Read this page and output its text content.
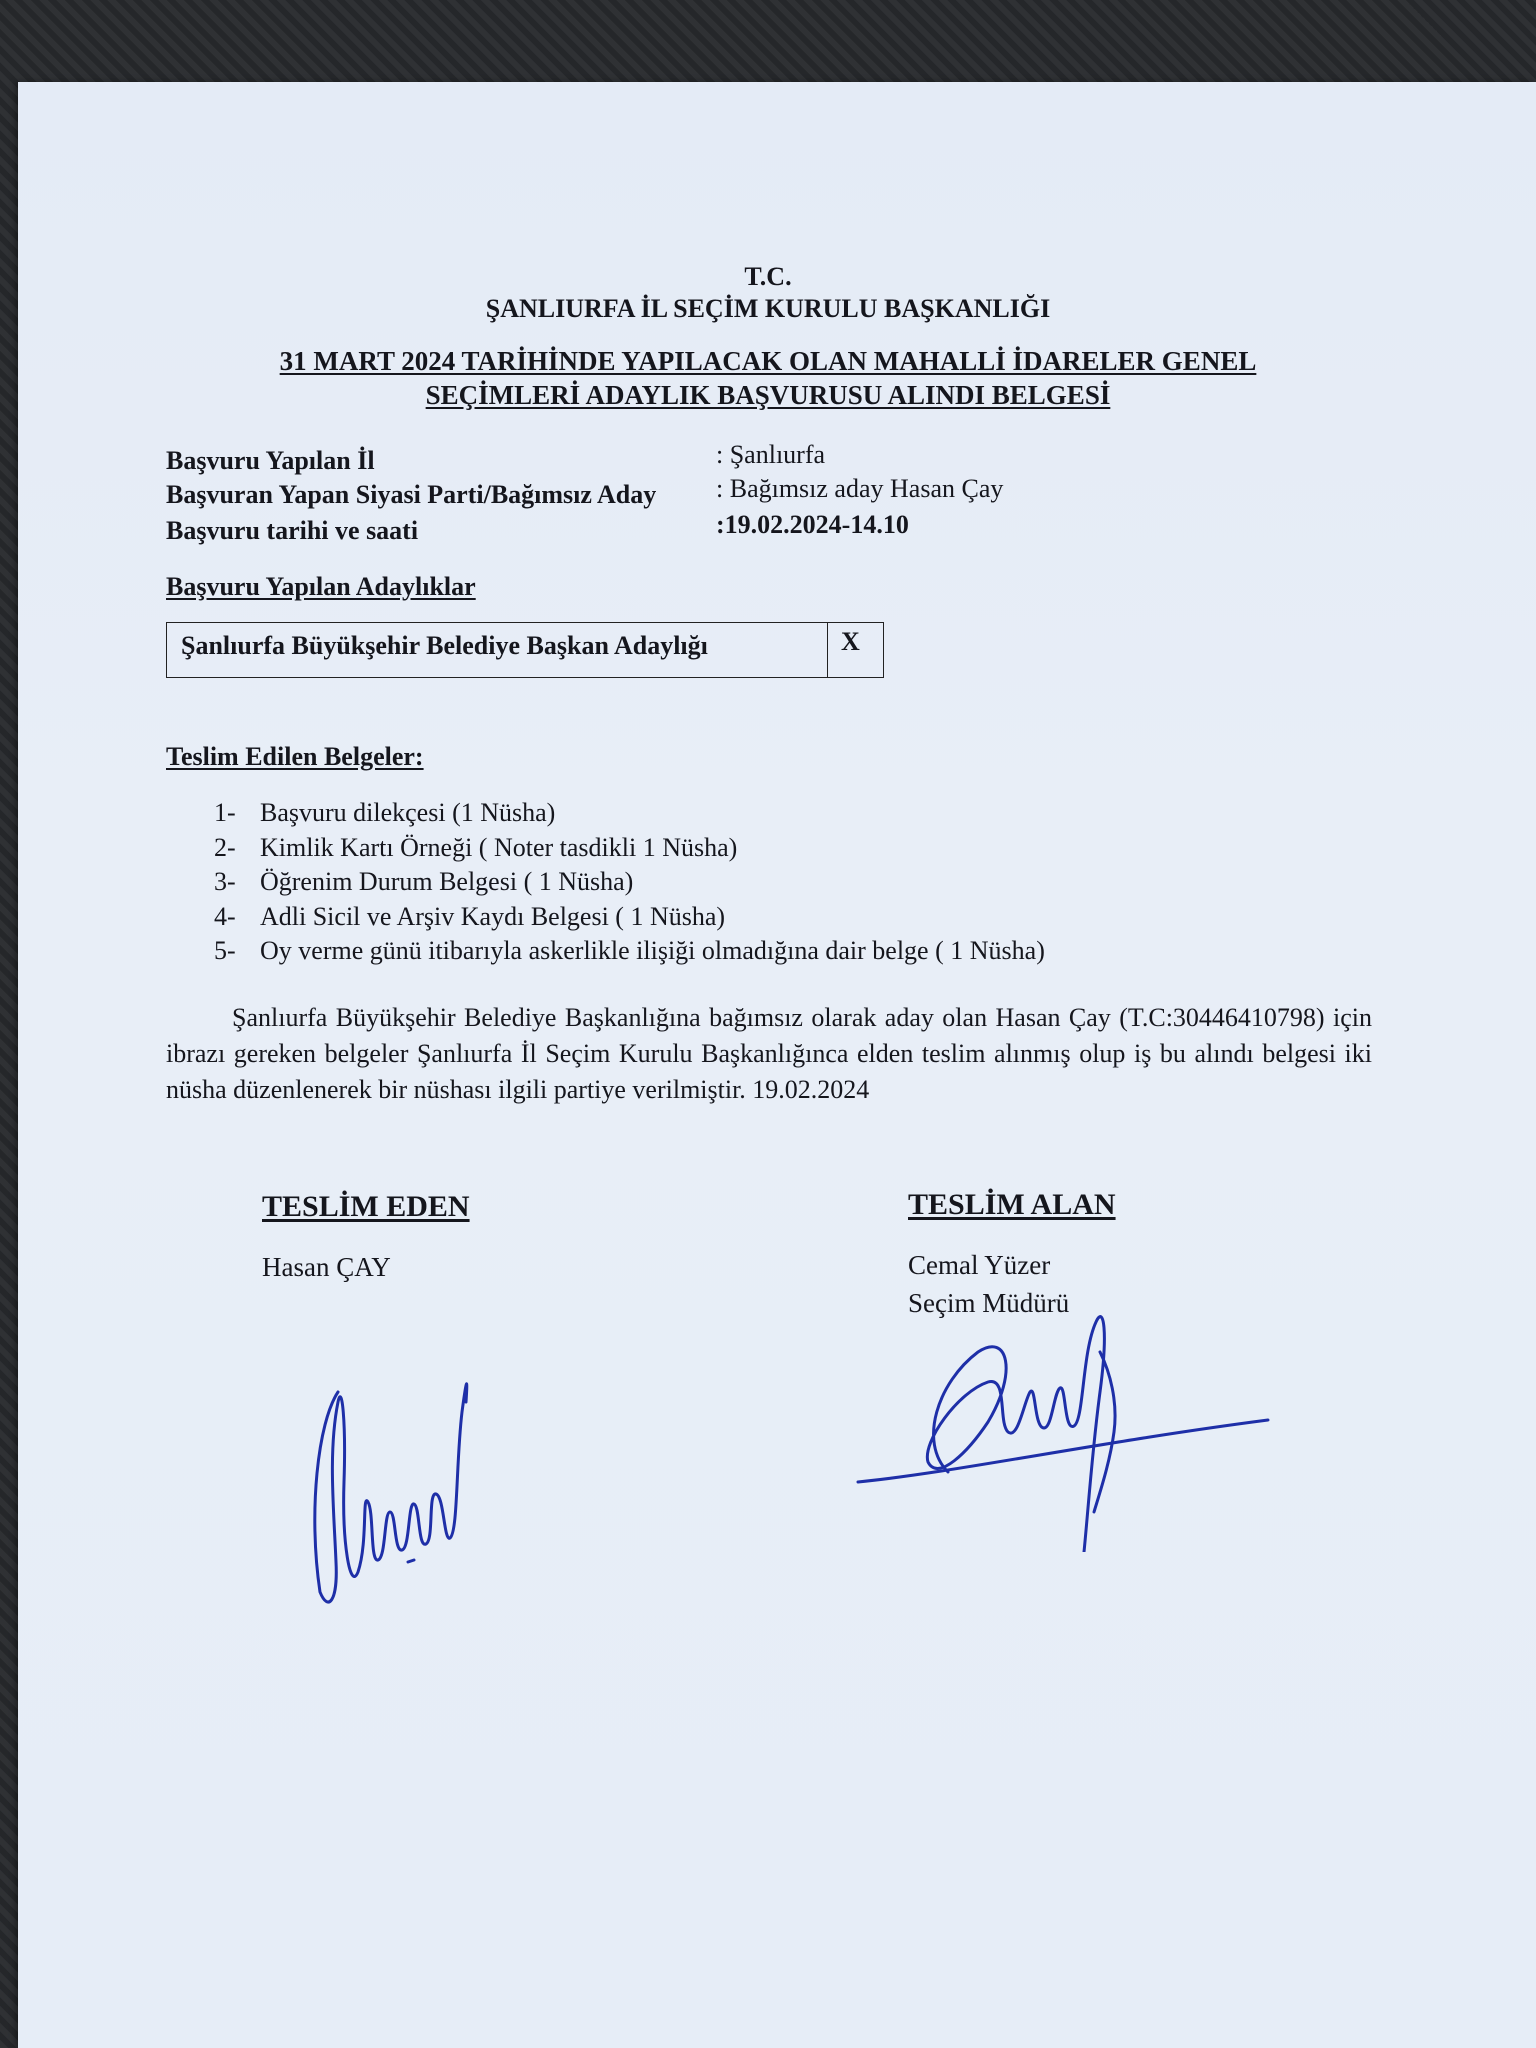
T.C.
ŞANLIURFA İL SEÇİM KURULU BAŞKANLIĞI
31 MART 2024 TARİHİNDE YAPILACAK OLAN MAHALLİ İDARELER GENEL
SEÇİMLERİ ADAYLIK BAŞVURUSU ALINDI BELGESİ
Başvuru Yapılan İl	: Şanlıurfa
Başvuran Yapan Siyasi Parti/Bağımsız Aday : Bağımsız aday Hasan Çay
Başvuru tarihi ve saati	:19.02.2024-14.10
Başvuru Yapılan Adaylıklar
Şanlıurfa Büyükşehir Belediye Başkan Adaylığı	X
Teslim Edilen Belgeler:
1- Başvuru dilekçesi (1 Nüsha)
2- Kimlik Kartı Örneği ( Noter tasdikli 1 Nüsha)
3- Öğrenim Durum Belgesi ( 1 Nüsha)
4- Adli Sicil ve Arşiv Kaydı Belgesi ( 1 Nüsha)
5- Oy verme günü itibarıyla askerlikle ilişiği olmadığına dair belge ( 1 Nüsha)
Şanlıurfa Büyükşehir Belediye Başkanlığına bağımsız olarak aday olan Hasan Çay (T.C:30446410798) için ibrazı gereken belgeler Şanlıurfa İl Seçim Kurulu Başkanlığınca elden teslim alınmış olup iş bu alındı belgesi iki nüsha düzenlenerek bir nüshası ilgili partiye verilmiştir. 19.02.2024
TESLİM EDEN
Hasan ÇAY
TESLİM ALAN
Cemal Yüzer
Seçim Müdürü
